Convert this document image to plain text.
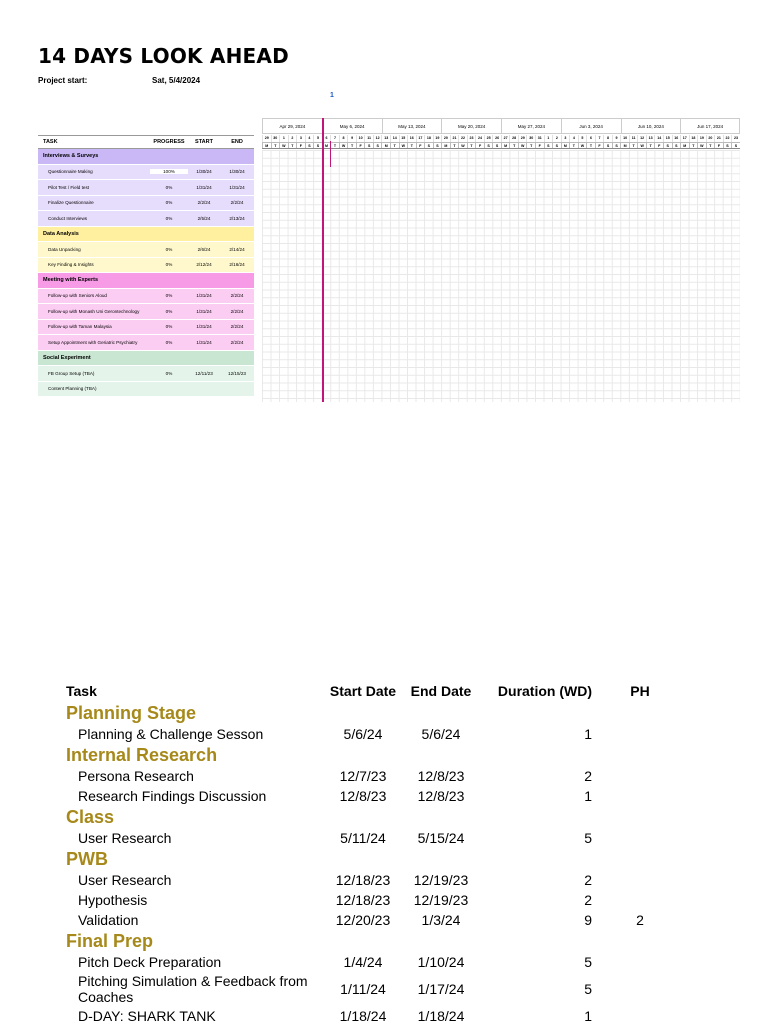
14 DAYS LOOK AHEAD
Project start:	Sat, 5/4/2024
1
TASK	PROGRESS	START	END
Interviews & Surveys
Questionnaire Making	100%	1/30/24	1/30/24
Pilot Test / Field test	0%	1/31/24	1/31/24
Finalize Questionnaire	0%	2/2/24	2/2/24
Conduct Interviews	0%	2/5/24	2/13/24
Data Analysis
Data Unpacking	0%	2/6/24	2/14/24
Key Finding & Insights	0%	2/12/24	2/16/24
Meeting with Experts
Follow-up with Seniors Aloud	0%	1/31/24	2/2/24
Follow-up with Monash Uni Gerontechnology	0%	1/31/24	2/2/24
Follow-up with Taman Malaysia	0%	1/31/24	2/2/24
Setup Appointment with Geriatric Psychiatry	0%	1/31/24	2/2/24
Social Experiment
FB Group Setup (TBA)	0%	12/11/23	12/15/23
Content Planning (TBA)
Apr 29, 2024	May 6, 2024	May 13, 2024	May 20, 2024	May 27, 2024	Jun 3, 2024	Jun 10, 2024	Jun 17, 2024
29	30	1	2	3	4	5	6	7	8	9	10	11	12	13	14	15	16	17	18	19	20	21	22	23	24	25	26	27	28	29	30	31	1	2	3	4	5	6	7	8	9	10	11	12	13	14	15	16	17	18	19	20	21	22	23
M	T	W	T	F	S	S	M	T	W	T	F	S	S	M	T	W	T	F	S	S	M	T	W	T	F	S	S	M	T	W	T	F	S	S	M	T	W	T	F	S	S	M	T	W	T	F	S	S	M	T	W	T	F	S	S
Task	Start Date	End Date	Duration (WD)	PH
Planning Stage
Planning & Challenge Sesson	5/6/24	5/6/24	1
Internal Research
Persona Research	12/7/23	12/8/23	2
Research Findings Discussion	12/8/23	12/8/23	1
Class
User Research	5/11/24	5/15/24	5
PWB
User Research	12/18/23	12/19/23	2
Hypothesis	12/18/23	12/19/23	2
Validation	12/20/23	1/3/24	9	2
Final Prep
Pitch Deck Preparation	1/4/24	1/10/24	5
Pitching Simulation & Feedback from Coaches	1/11/24	1/17/24	5
D-DAY: SHARK TANK	1/18/24	1/18/24	1
